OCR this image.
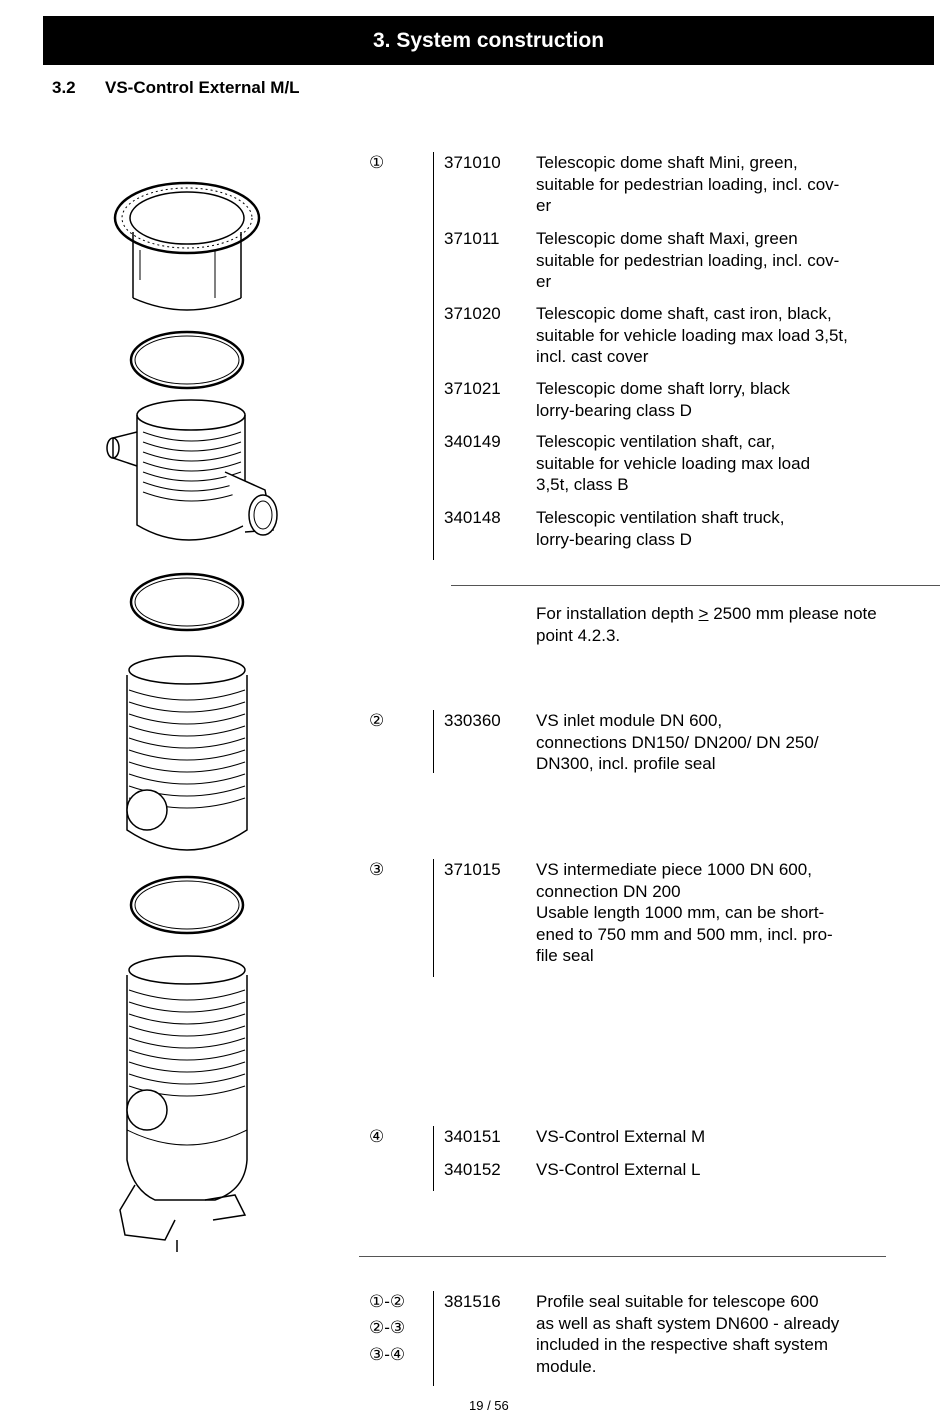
3. System construction
3.2 VS-Control External M/L
①	371010 Telescopic dome shaft Mini, green,
suitable for pedestrian loading, incl. cov-
er
371011 Telescopic dome shaft Maxi, green
suitable for pedestrian loading, incl. cov-
er
371020 Telescopic dome shaft, cast iron, black,
suitable for vehicle loading max load 3,5t,
incl. cast cover
371021 Telescopic dome shaft lorry, black
lorry-bearing class D
340149 Telescopic ventilation shaft, car,
suitable for vehicle loading max load
3,5t, class B
340148 Telescopic ventilation shaft truck,
lorry-bearing class D
For installation depth > 2500 mm please note point 4.2.3.
②	330360 VS inlet module DN 600,
connections DN150/ DN200/ DN 250/
DN300, incl. profile seal
③	371015 VS intermediate piece 1000 DN 600,
connection DN 200
Usable length 1000 mm, can be short-
ened to 750 mm and 500 mm, incl. pro-
file seal
④	340151 VS-Control External M
340152 VS-Control External L
①-②
②-③
③-④
381516 Profile seal suitable for telescope 600
as well as shaft system DN600 - already
included in the respective shaft system
module.
19 / 56
